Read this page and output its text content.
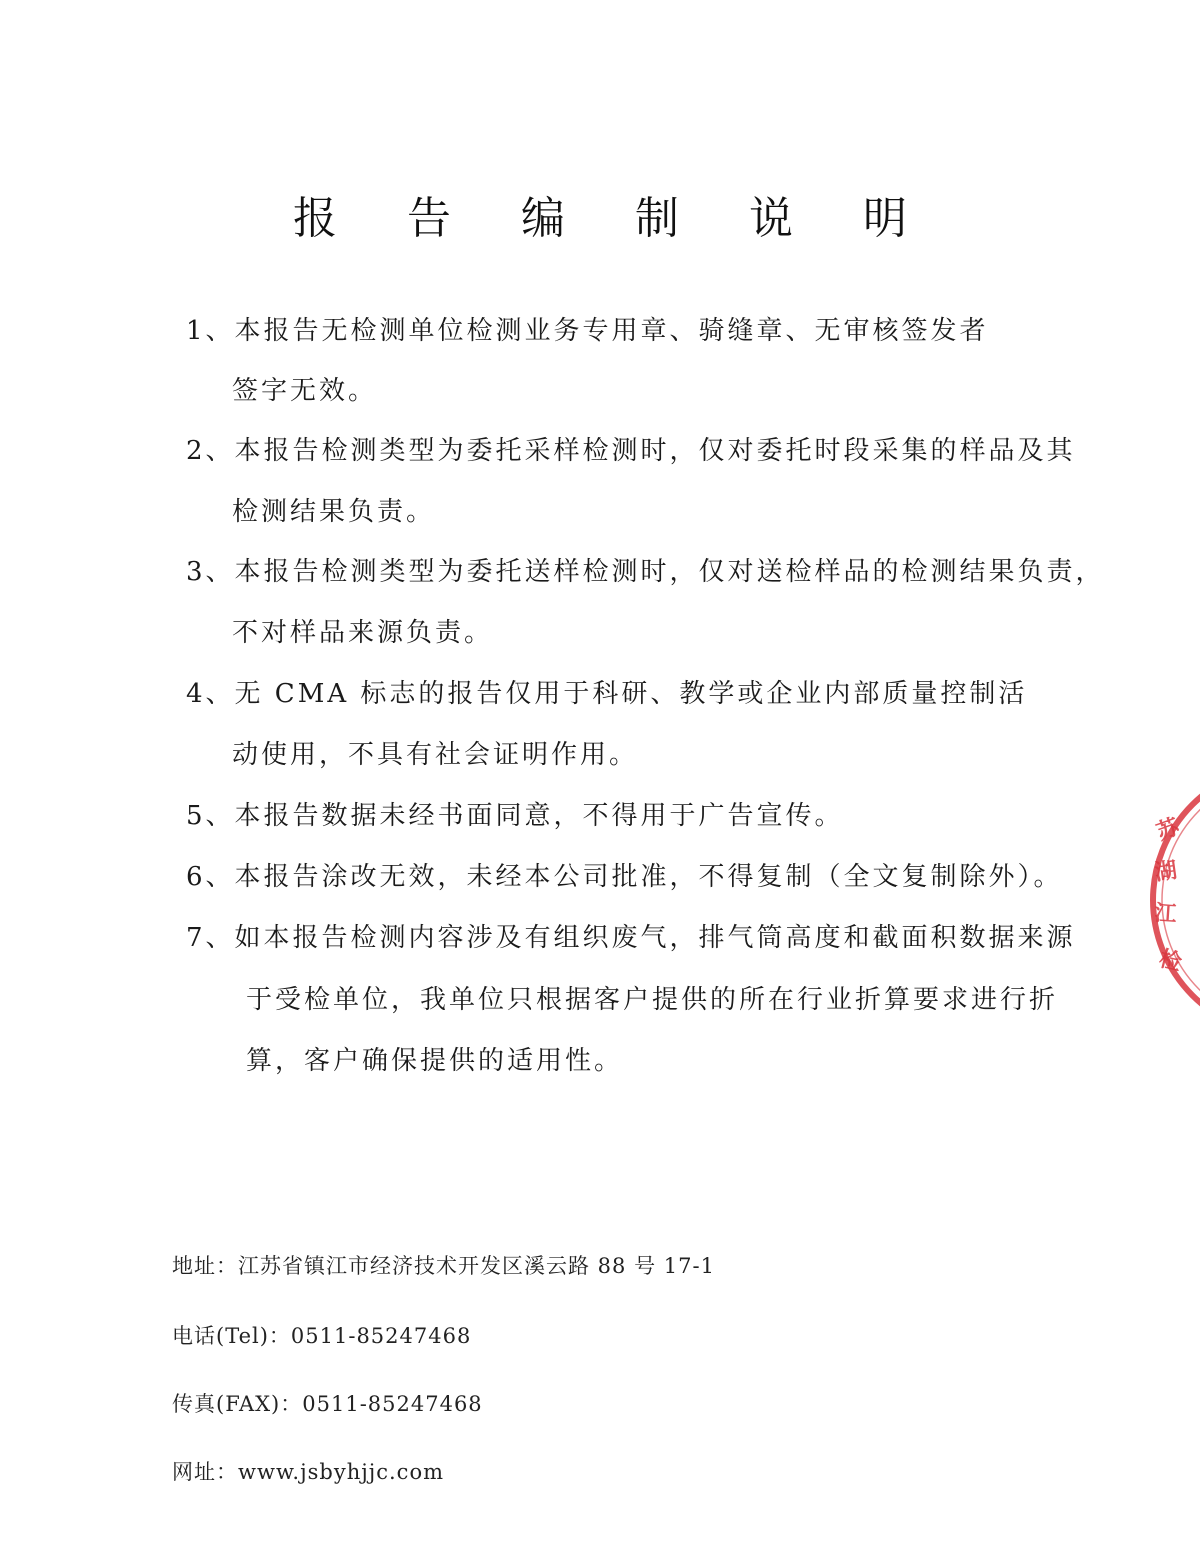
报 告 编 制 说 明
1、本报告无检测单位检测业务专用章、骑缝章、无审核签发者
签字无效。
2、本报告检测类型为委托采样检测时，仅对委托时段采集的样品及其
检测结果负责。
3、本报告检测类型为委托送样检测时，仅对送检样品的检测结果负责，
不对样品来源负责。
4、无 CMA 标志的报告仅用于科研、教学或企业内部质量控制活
动使用，不具有社会证明作用。
5、本报告数据未经书面同意，不得用于广告宣传。
6、本报告涂改无效，未经本公司批准，不得复制（全文复制除外）。
7、如本报告检测内容涉及有组织废气，排气筒高度和截面积数据来源
于受检单位，我单位只根据客户提供的所在行业折算要求进行折
算，客户确保提供的适用性。
地址：江苏省镇江市经济技术开发区溪云路 88 号 17-1
电话(Tel)：0511-85247468
传真(FAX)：0511-85247468
网址：www.jsbyhjjc.com
苏
湖
江
检
